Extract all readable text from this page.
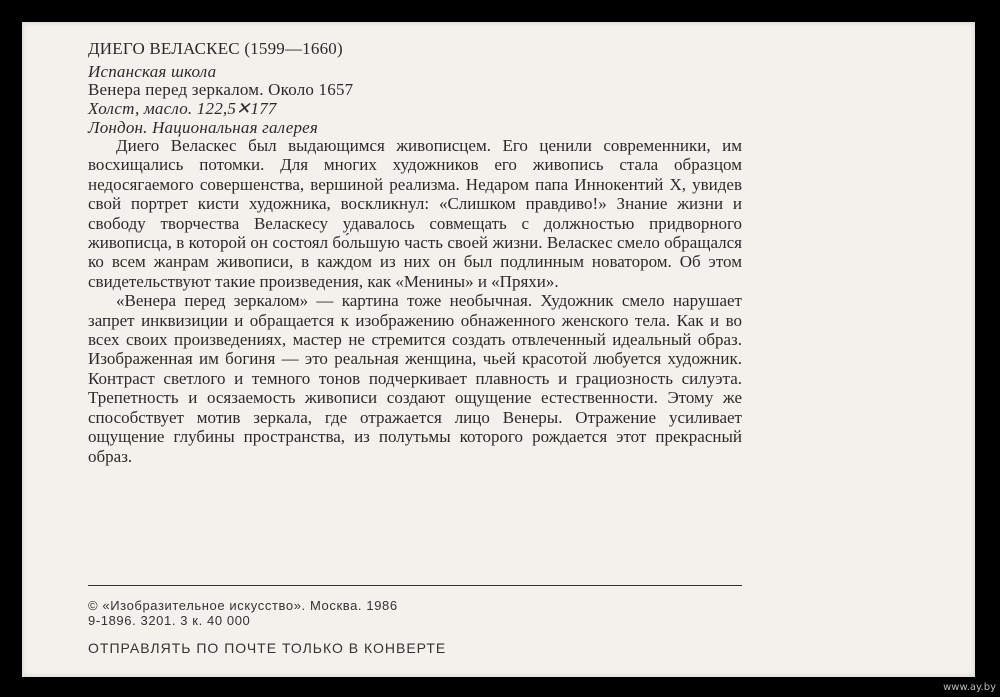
ДИЕГО ВЕЛАСКЕС (1599—1660)
Испанская школа
Венера перед зеркалом. Около 1657
Холст, масло. 122,5✕177
Лондон. Национальная галерея

Диего Веласкес был выдающимся живописцем. Его ценили современники, им восхищались потомки. Для многих художников его живопись стала образцом недосягаемого совершенства, вершиной реализма. Недаром папа Иннокентий X, увидев свой портрет кисти художника, воскликнул: «Слишком правдиво!» Знание жизни и свободу творчества Веласкесу удавалось совмещать с должностью придворного живописца, в которой он состоял бо́льшую часть своей жизни. Веласкес смело обращался ко всем жанрам живописи, в каждом из них он был подлинным новатором. Об этом свидетельствуют такие произведения, как «Менины» и «Пряхи».

«Венера перед зеркалом» — картина тоже необычная. Художник смело нарушает запрет инквизиции и обращается к изображению обнаженного женского тела. Как и во всех своих произведениях, мастер не стремится создать отвлеченный идеальный образ. Изображенная им богиня — это реальная женщина, чьей красотой любуется художник. Контраст светлого и темного тонов подчеркивает плавность и грациозность силуэта. Трепетность и осязаемость живописи создают ощущение естественности. Этому же способствует мотив зеркала, где отражается лицо Венеры. Отражение усиливает ощущение глубины пространства, из полутьмы которого рождается этот прекрасный образ.

© «Изобразительное искусство». Москва. 1986
9-1896. 3201. 3 к. 40 000
ОТПРАВЛЯТЬ ПО ПОЧТЕ ТОЛЬКО В КОНВЕРТЕ
www.ay.by
